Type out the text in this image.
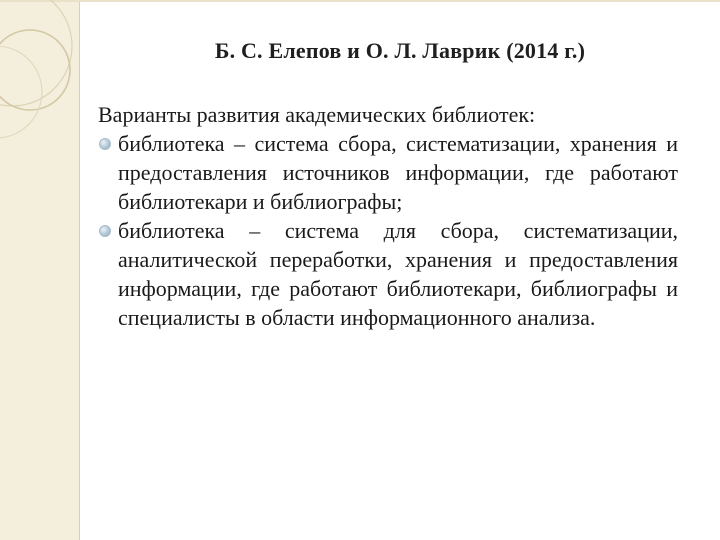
Б. С. Елепов и О. Л. Лаврик (2014 г.)
Варианты развития академических библиотек:
библиотека – система сбора, систематизации, хранения и предоставления источников информации, где работают библиотекари и библиографы;
библиотека – система для сбора, систематизации, аналитической переработки, хранения и предоставления информации, где работают библиотекари, библиографы и специалисты в области информационного анализа.
